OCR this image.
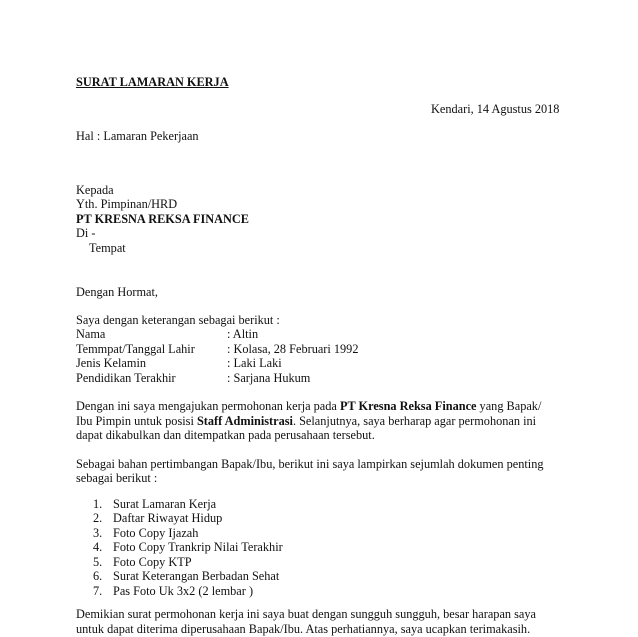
SURAT LAMARAN KERJA
Kendari, 14 Agustus 2018
Hal : Lamaran Pekerjaan
Kepada
Yth. Pimpinan/HRD
PT KRESNA REKSA FINANCE
Di -
Tempat
Dengan Hormat,
Saya dengan keterangan sebagai berikut :
Nama	: Altin
Temmpat/Tanggal Lahir	: Kolasa, 28 Februari 1992
Jenis Kelamin	: Laki Laki
Pendidikan Terakhir	: Sarjana Hukum
Dengan ini saya mengajukan permohonan kerja pada PT Kresna Reksa Finance yang Bapak/
Ibu Pimpin untuk posisi Staff Administrasi. Selanjutnya, saya berharap agar permohonan ini
dapat dikabulkan dan ditempatkan pada perusahaan tersebut.
Sebagai bahan pertimbangan Bapak/Ibu, berikut ini saya lampirkan sejumlah dokumen penting
sebagai berikut :
1. Surat Lamaran Kerja
2. Daftar Riwayat Hidup
3. Foto Copy Ijazah
4. Foto Copy Trankrip Nilai Terakhir
5. Foto Copy KTP
6. Surat Keterangan Berbadan Sehat
7. Pas Foto Uk 3x2 (2 lembar )
Demikian surat permohonan kerja ini saya buat dengan sungguh sungguh, besar harapan saya
untuk dapat diterima diperusahaan Bapak/Ibu. Atas perhatiannya, saya ucapkan terimakasih.
